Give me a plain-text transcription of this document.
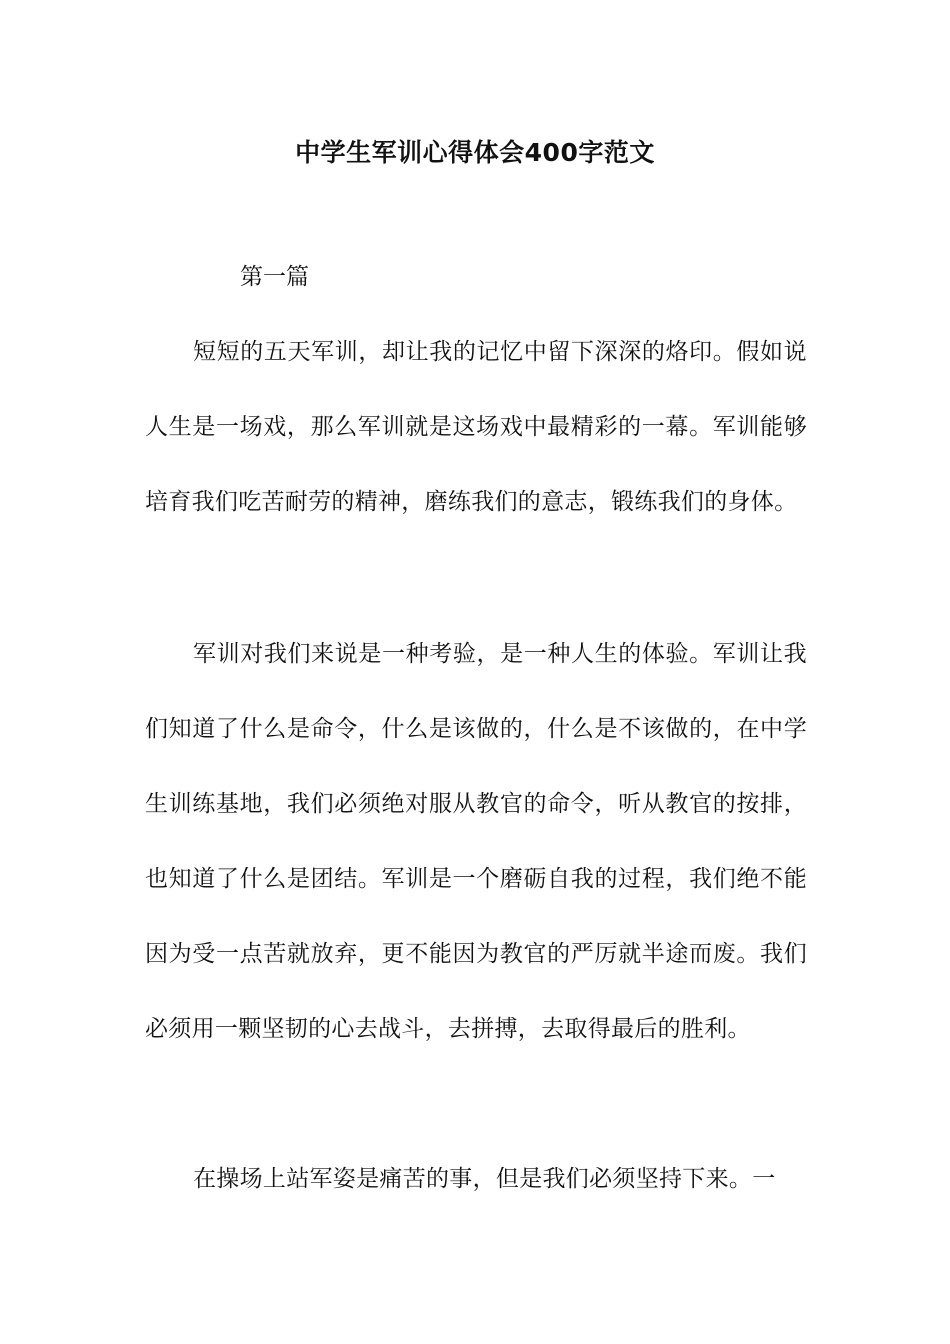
中学生军训心得体会400字范文
第一篇

短短的五天军训，却让我的记忆中留下深深的烙印。假如说人生是一场戏，那么军训就是这场戏中最精彩的一幕。军训能够培育我们吃苦耐劳的精神，磨练我们的意志，锻练我们的身体。

军训对我们来说是一种考验，是一种人生的体验。军训让我们知道了什么是命令，什么是该做的，什么是不该做的，在中学生训练基地，我们必须绝对服从教官的命令，听从教官的按排，也知道了什么是团结。军训是一个磨砺自我的过程，我们绝不能因为受一点苦就放弃，更不能因为教官的严厉就半途而废。我们必须用一颗坚韧的心去战斗，去拼搏，去取得最后的胜利。

在操场上站军姿是痛苦的事，但是我们必须坚持下来。一
